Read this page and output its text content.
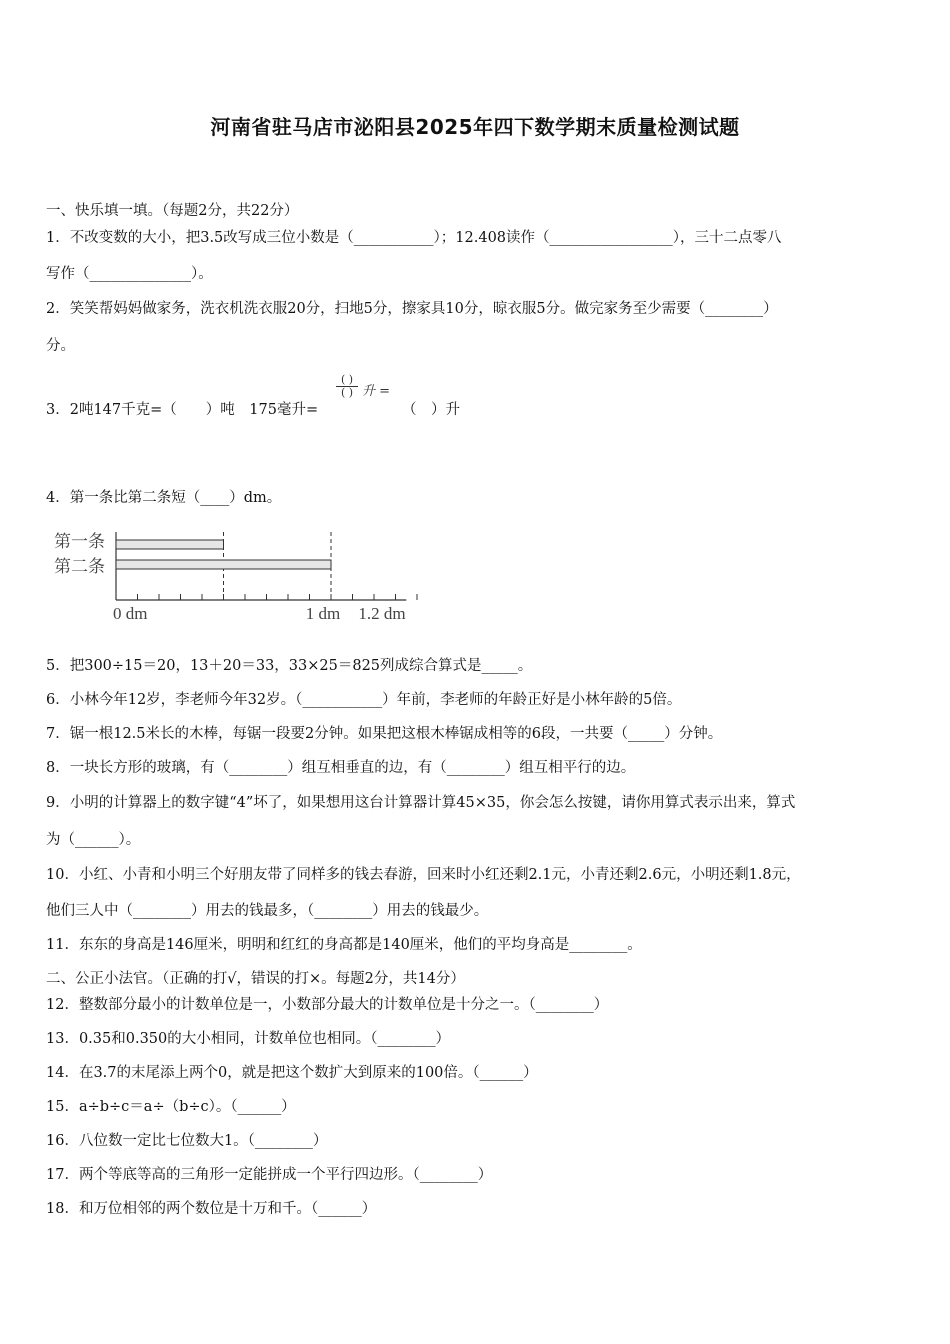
河南省驻马店市泌阳县2025年四下数学期末质量检测试题
一、快乐填一填。（每题2分，共22分）
1．不改变数的大小，把3.5改写成三位小数是（___________）；12.408读作（_________________），三十二点零八
写作（______________）。
2．笑笑帮妈妈做家务，洗衣机洗衣服20分，扫地5分，擦家具10分，晾衣服5分。做完家务至少需要（________）
分。
3．2吨147千克=（　　）吨　175毫升=
( )
( ) 升 =
（　）升
4．第一条比第二条短（____）dm。
第一条
第二条
0 dm	1 dm 1.2 dm
5．把300÷15＝20，13＋20＝33，33×25＝825列成综合算式是_____。
6．小林今年12岁，李老师今年32岁。（___________）年前，李老师的年龄正好是小林年龄的5倍。
7．锯一根12.5米长的木棒，每锯一段要2分钟。如果把这根木棒锯成相等的6段，一共要（_____）分钟。
8．一块长方形的玻璃，有（________）组互相垂直的边，有（________）组互相平行的边。
9．小明的计算器上的数字键“4”坏了，如果想用这台计算器计算45×35，你会怎么按键，请你用算式表示出来，算式
为（______）。
10．小红、小青和小明三个好朋友带了同样多的钱去春游，回来时小红还剩2.1元，小青还剩2.6元，小明还剩1.8元，
他们三人中（________）用去的钱最多，（________）用去的钱最少。
11．东东的身高是146厘米，明明和红红的身高都是140厘米，他们的平均身高是________。
二、公正小法官。（正确的打√，错误的打×。每题2分，共14分）
12．整数部分最小的计数单位是一，小数部分最大的计数单位是十分之一。（________）
13．0.35和0.350的大小相同，计数单位也相同。（________）
14．在3.7的末尾添上两个0，就是把这个数扩大到原来的100倍。（______）
15．a÷b÷c＝a÷（b÷c）。（______）
16．八位数一定比七位数大1。（________）
17．两个等底等高的三角形一定能拼成一个平行四边形。（________）
18．和万位相邻的两个数位是十万和千。（______）
